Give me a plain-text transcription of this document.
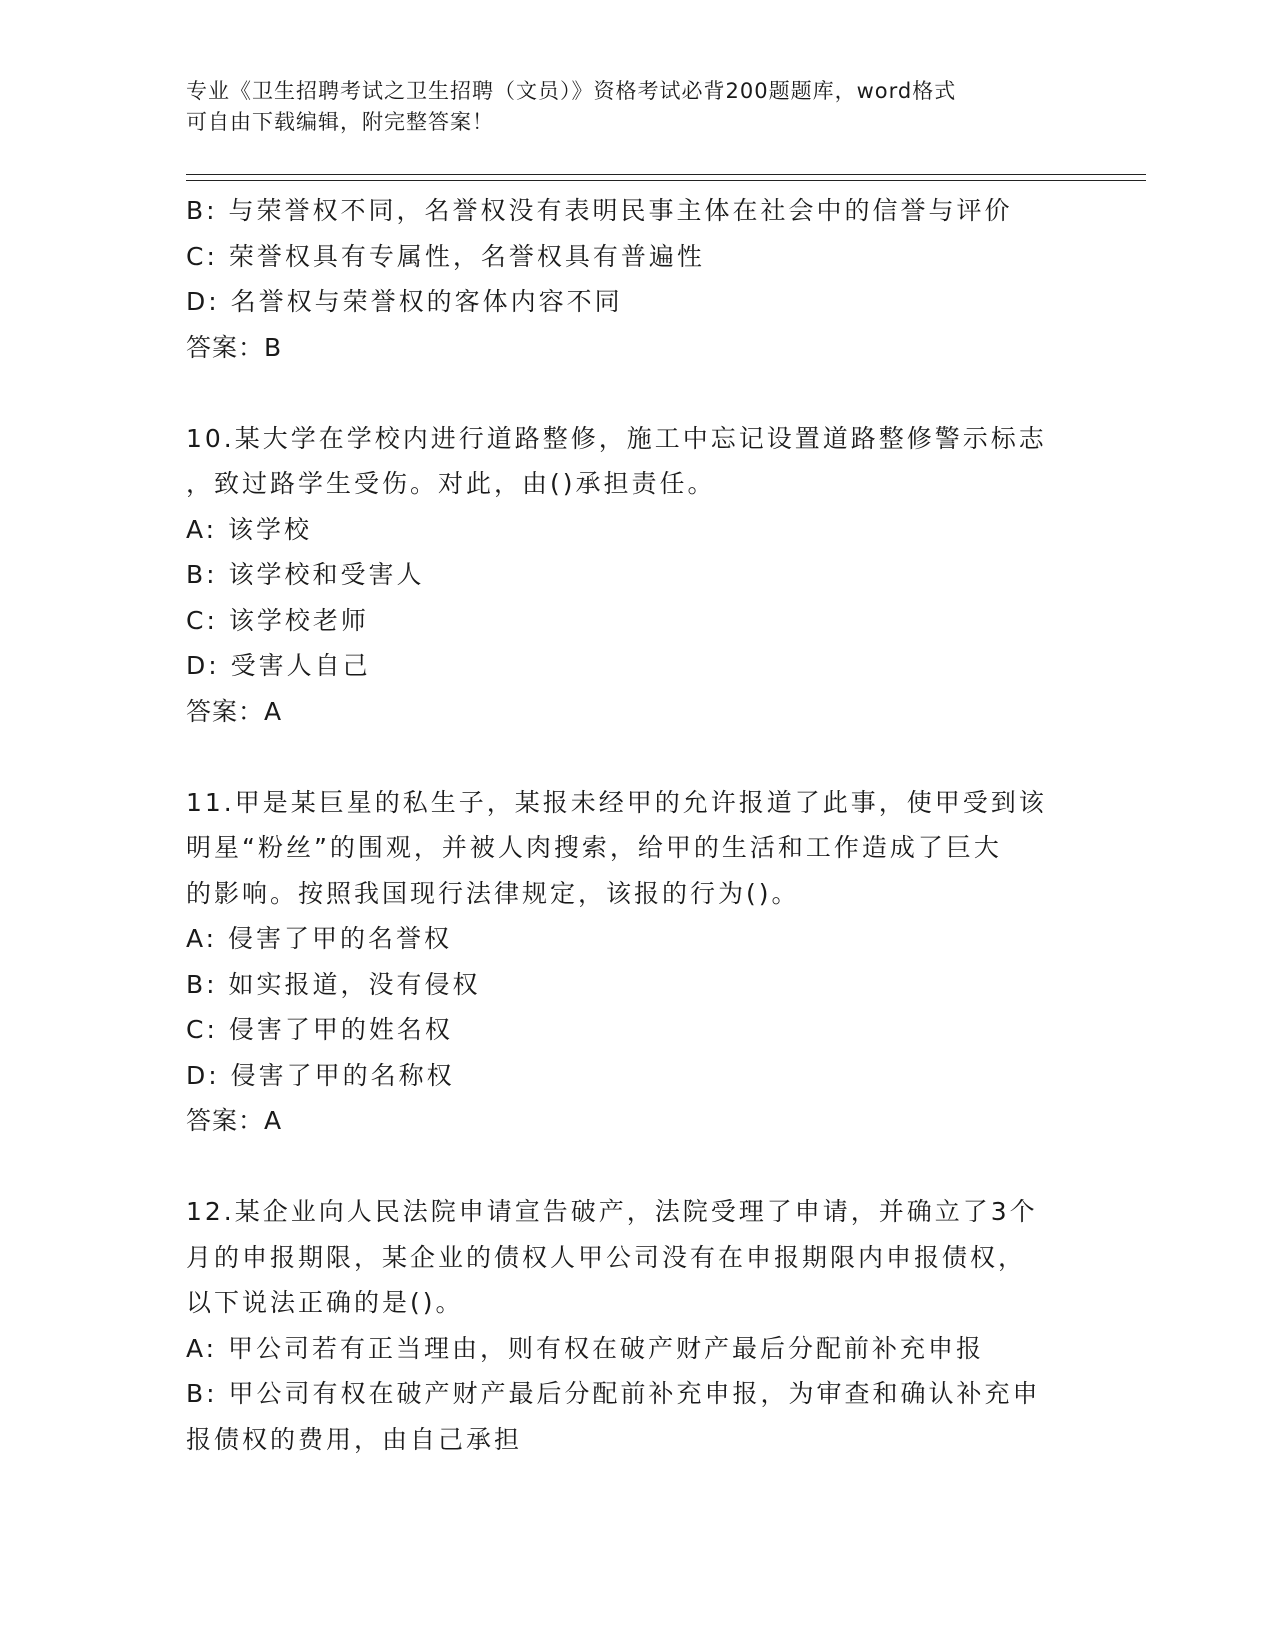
专业《卫生招聘考试之卫生招聘（文员）》资格考试必背200题题库，word格式
可自由下载编辑，附完整答案！
B: 与荣誉权不同，名誉权没有表明民事主体在社会中的信誉与评价
C: 荣誉权具有专属性，名誉权具有普遍性
D: 名誉权与荣誉权的客体内容不同
答案：B
10.某大学在学校内进行道路整修，施工中忘记设置道路整修警示标志
，致过路学生受伤。对此，由()承担责任。
A: 该学校
B: 该学校和受害人
C: 该学校老师
D: 受害人自己
答案：A
11.甲是某巨星的私生子，某报未经甲的允许报道了此事，使甲受到该
明星“粉丝”的围观，并被人肉搜索，给甲的生活和工作造成了巨大
的影响。按照我国现行法律规定，该报的行为()。
A: 侵害了甲的名誉权
B: 如实报道，没有侵权
C: 侵害了甲的姓名权
D: 侵害了甲的名称权
答案：A
12.某企业向人民法院申请宣告破产，法院受理了申请，并确立了3个
月的申报期限，某企业的债权人甲公司没有在申报期限内申报债权，
以下说法正确的是()。
A: 甲公司若有正当理由，则有权在破产财产最后分配前补充申报
B: 甲公司有权在破产财产最后分配前补充申报，为审查和确认补充申
报债权的费用，由自己承担
